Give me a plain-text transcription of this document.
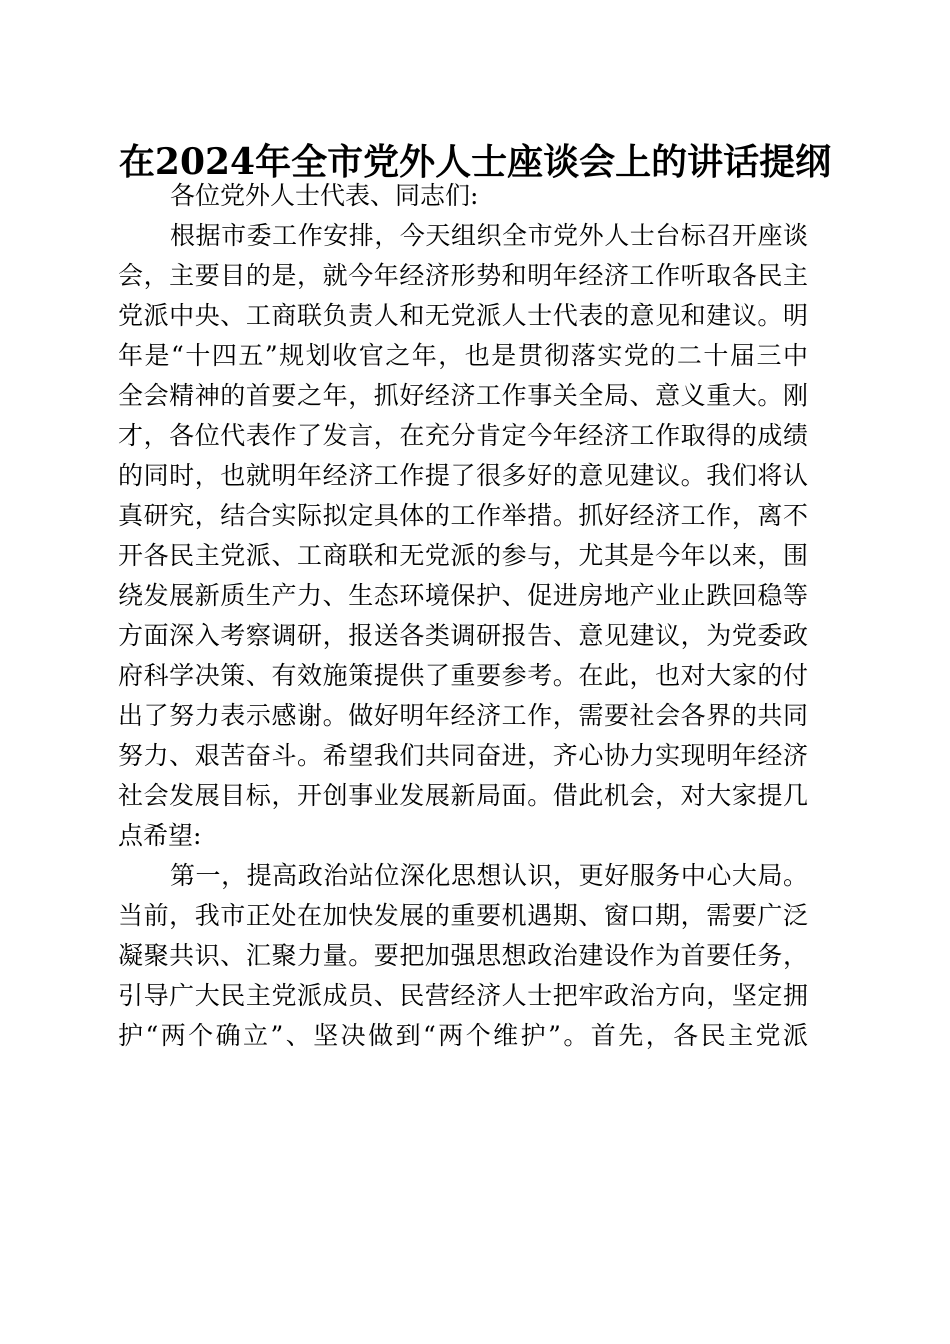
在2024年全市党外人士座谈会上的讲话提纲
各位党外人士代表、同志们:
根据市委工作安排，今天组织全市党外人士台标召开座谈
会，主要目的是，就今年经济形势和明年经济工作听取各民主
党派中央、工商联负责人和无党派人士代表的意见和建议。明
年是“十四五”规划收官之年，也是贯彻落实党的二十届三中
全会精神的首要之年，抓好经济工作事关全局、意义重大。刚
才，各位代表作了发言，在充分肯定今年经济工作取得的成绩
的同时，也就明年经济工作提了很多好的意见建议。我们将认
真研究，结合实际拟定具体的工作举措。抓好经济工作，离不
开各民主党派、工商联和无党派的参与，尤其是今年以来，围
绕发展新质生产力、生态环境保护、促进房地产业止跌回稳等
方面深入考察调研，报送各类调研报告、意见建议，为党委政
府科学决策、有效施策提供了重要参考。在此，也对大家的付
出了努力表示感谢。做好明年经济工作，需要社会各界的共同
努力、艰苦奋斗。希望我们共同奋进，齐心协力实现明年经济
社会发展目标，开创事业发展新局面。借此机会，对大家提几
点希望:
第一，提高政治站位深化思想认识，更好服务中心大局。
当前，我市正处在加快发展的重要机遇期、窗口期，需要广泛
凝聚共识、汇聚力量。要把加强思想政治建设作为首要任务，
引导广大民主党派成员、民营经济人士把牢政治方向，坚定拥
护“两个确立”、坚决做到“两个维护”。首先，各民主党派
